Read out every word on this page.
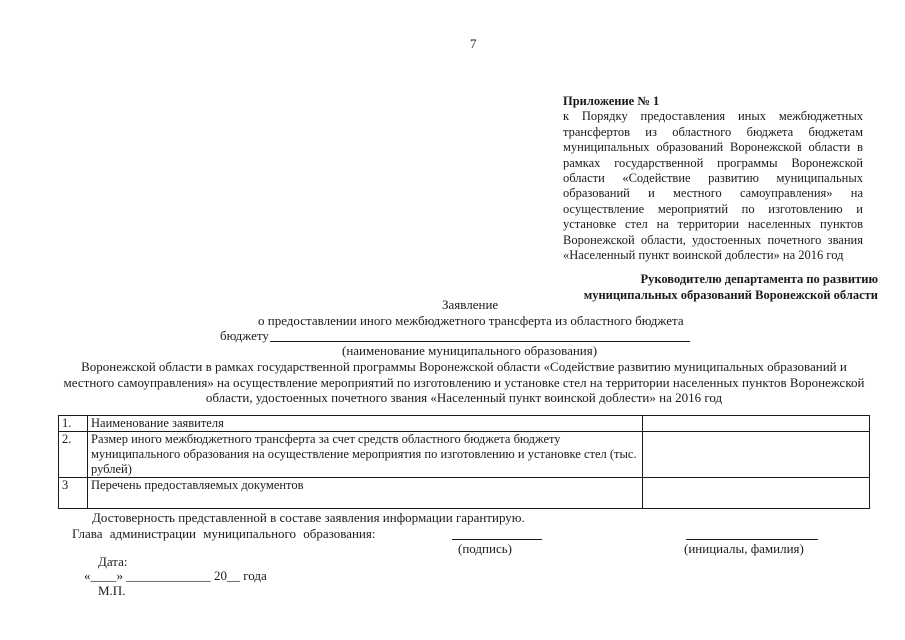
7
Приложение № 1
к Порядку предоставления иных межбюджетных
трансфертов из областного бюджета бюджетам
муниципальных образований Воронежской области в
рамках государственной программы Воронежской
области «Содействие развитию муниципальных
образований и местного самоуправления» на
осуществление мероприятий по изготовлению и
установке стел на территории населенных пунктов
Воронежской области, удостоенных почетного звания
«Населенный пункт воинской доблести» на 2016 год
Руководителю департамента по развитию
муниципальных образований Воронежской области
Заявление
о предоставлении иного межбюджетного трансферта из областного бюджета
бюджету
(наименование муниципального образования)
Воронежской области в рамках государственной программы Воронежской области «Содействие развитию муниципальных образований и местного самоуправления» на осуществление мероприятий по изготовлению и установке стел на территории населенных пунктов Воронежской области, удостоенных почетного звания «Населенный пункт воинской доблести» на 2016 год
1.	Наименование заявителя	
2.	Размер иного межбюджетного трансферта за счет средств областного бюджета бюджету муниципального образования на осуществление мероприятия по изготовлению и установке стел (тыс. рублей)	
3	Перечень предоставляемых документов	
Достоверность представленной в составе заявления информации гарантирую.
Глава администрации муниципального образования:
(подпись)	(инициалы, фамилия)
Дата:
«____» _____________ 20__ года
М.П.
